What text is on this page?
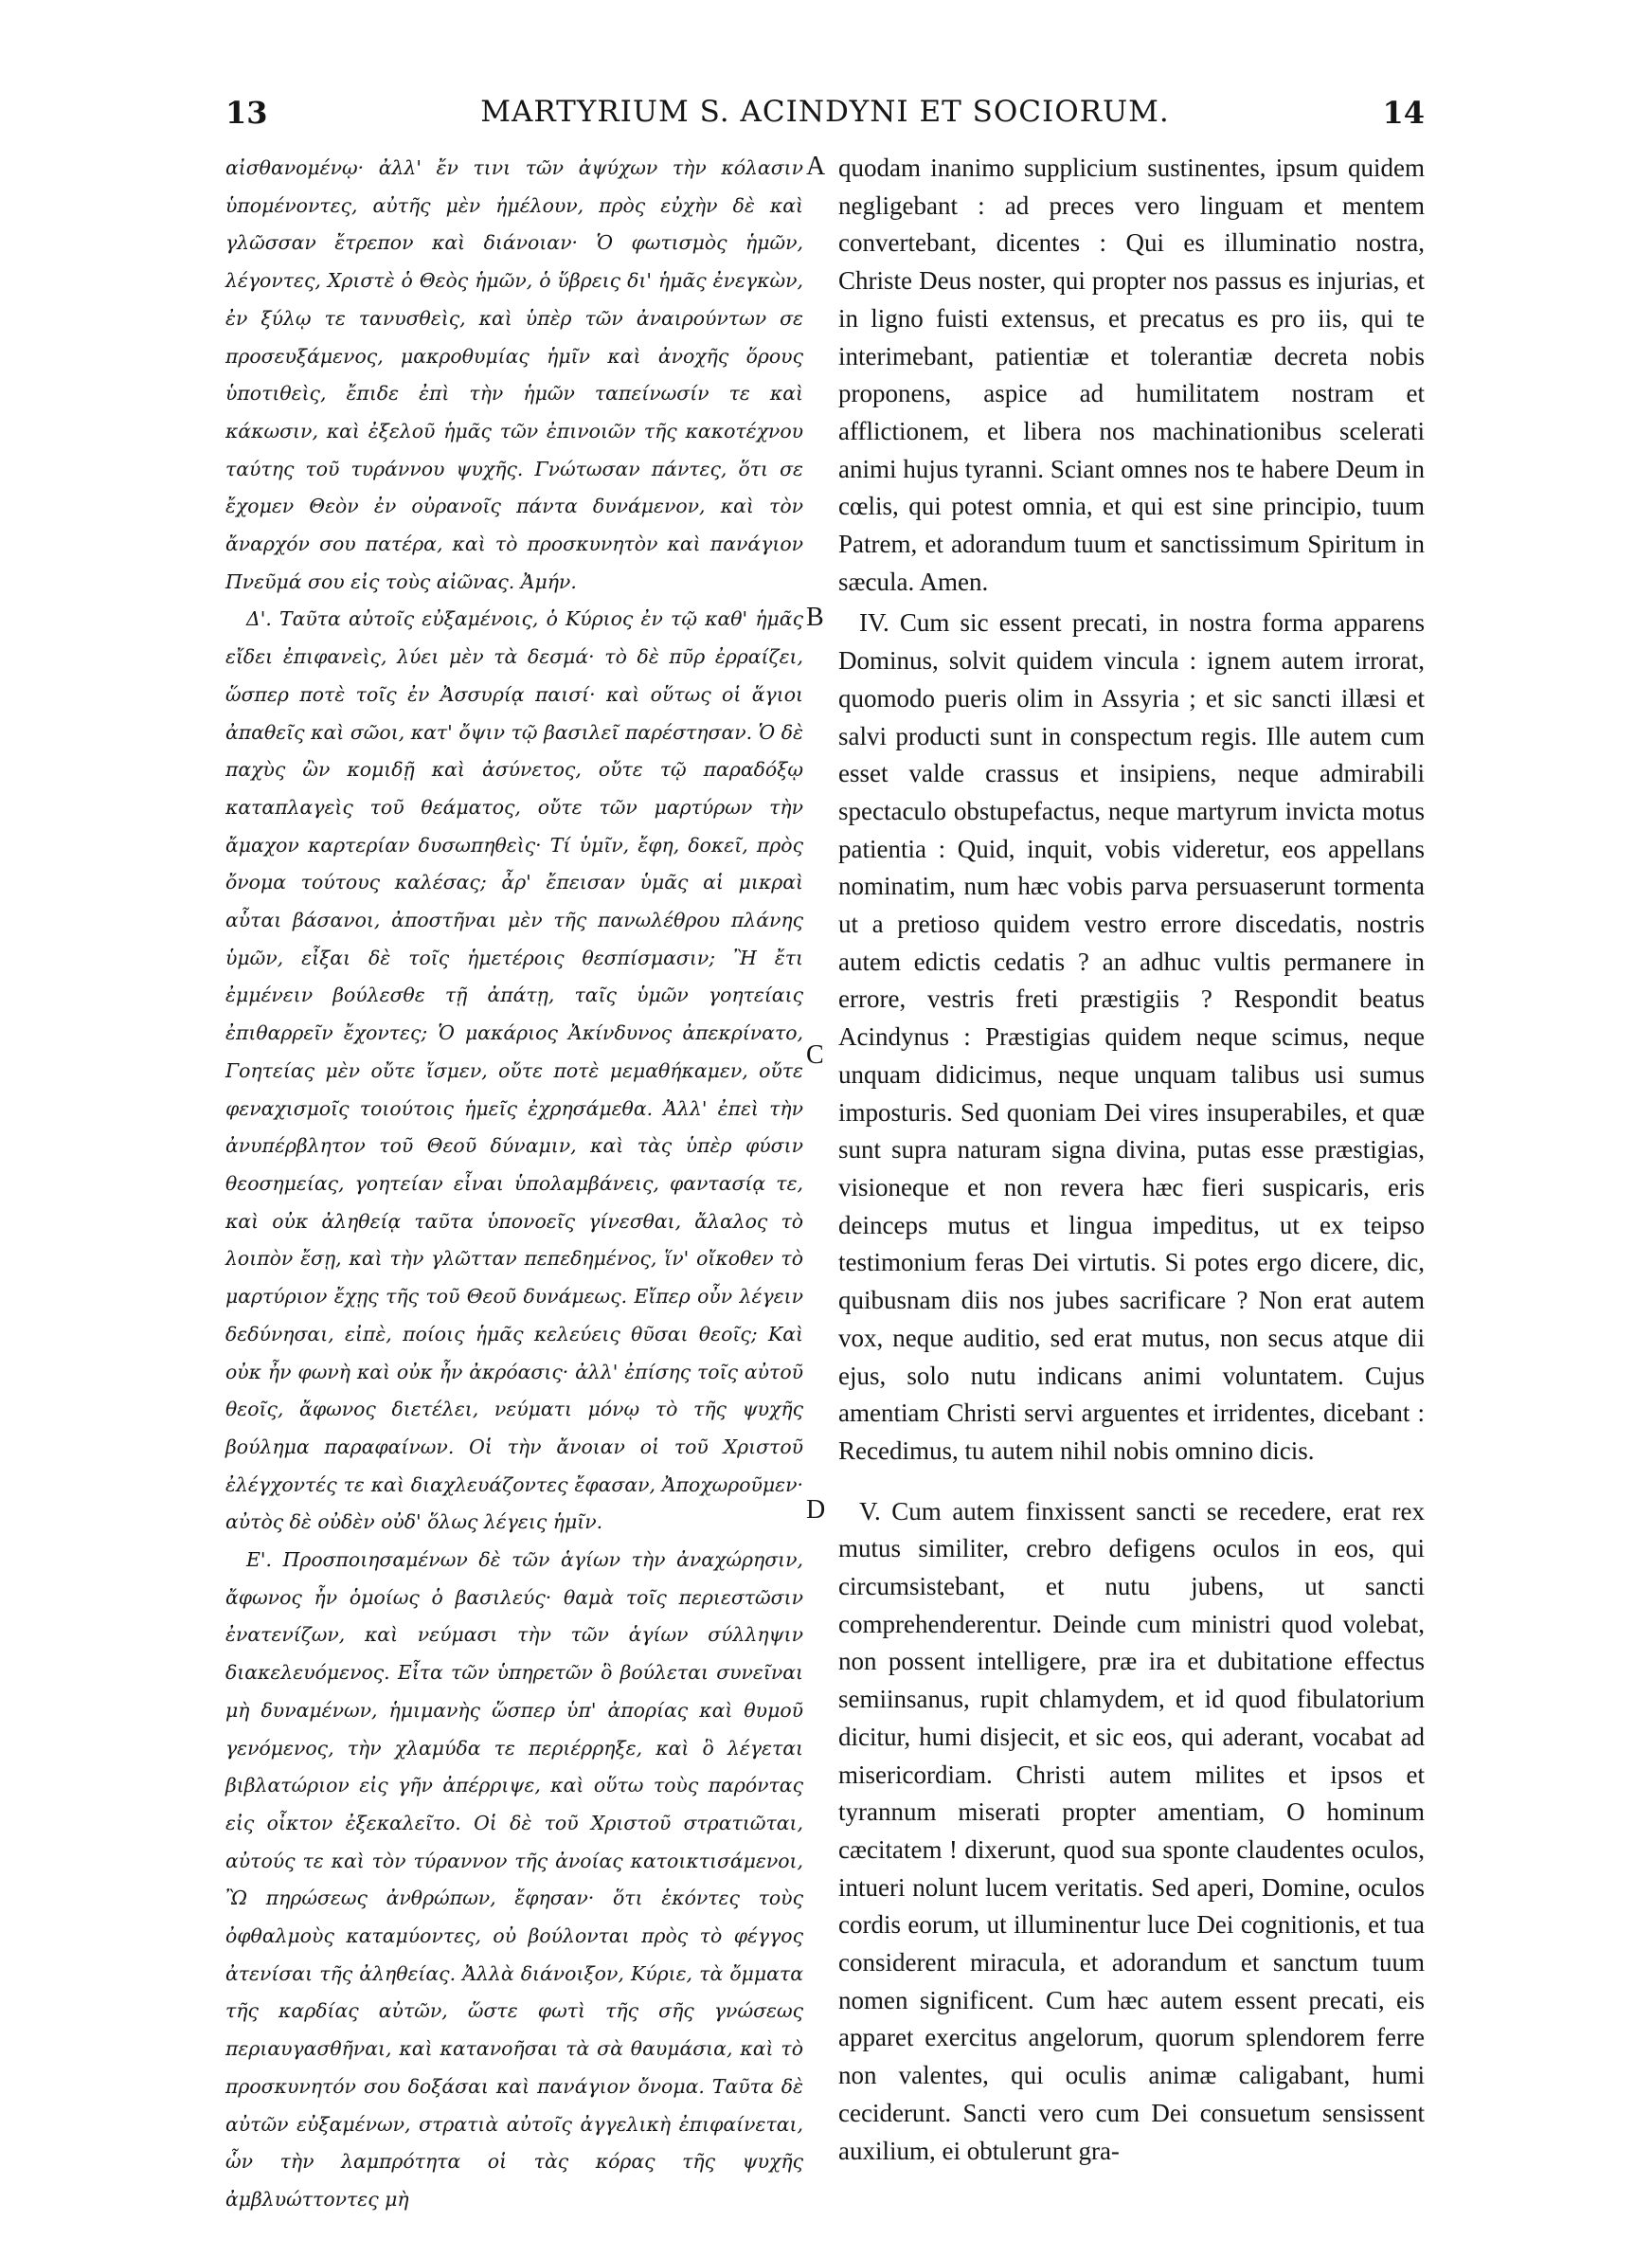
13	MARTYRIUM S. ACINDYNI ET SOCIORUM.	14
A
B
C
D

αἰσθανομένῳ· ἀλλ' ἔν τινι τῶν ἀψύχων τὴν κόλασιν ὑπομένοντες, αὐτῆς μὲν ἠμέλουν, πρὸς εὐχὴν δὲ καὶ γλῶσσαν ἔτρεπον καὶ διάνοιαν· Ὁ φωτισμὸς ἡμῶν, λέγοντες, Χριστὲ ὁ Θεὸς ἡμῶν, ὁ ὕβρεις δι' ἡμᾶς ἐνεγκὼν, ἐν ξύλῳ τε τανυσθεὶς, καὶ ὑπὲρ τῶν ἀναιρούντων σε προσευξάμενος, μακροθυμίας ἡμῖν καὶ ἀνοχῆς ὅρους ὑποτιθεὶς, ἔπιδε ἐπὶ τὴν ἡμῶν ταπείνωσίν τε καὶ κάκωσιν, καὶ ἐξελοῦ ἡμᾶς τῶν ἐπινοιῶν τῆς κακοτέχνου ταύτης τοῦ τυράννου ψυχῆς. Γνώτωσαν πάντες, ὅτι σε ἔχομεν Θεὸν ἐν οὐρανοῖς πάντα δυνάμενον, καὶ τὸν ἄναρχόν σου πατέρα, καὶ τὸ προσκυνητὸν καὶ πανάγιον Πνεῦμά σου εἰς τοὺς αἰῶνας. Ἀμήν.

Δ'. Ταῦτα αὐτοῖς εὐξαμένοις, ὁ Κύριος ἐν τῷ καθ' ἡμᾶς εἴδει ἐπιφανεὶς, λύει μὲν τὰ δεσμά· τὸ δὲ πῦρ ἐρραίζει, ὥσπερ ποτὲ τοῖς ἐν Ἀσσυρίᾳ παισί· καὶ οὕτως οἱ ἅγιοι ἀπαθεῖς καὶ σῶοι, κατ' ὄψιν τῷ βασιλεῖ παρέστησαν. Ὁ δὲ παχὺς ὢν κομιδῇ καὶ ἀσύνετος, οὔτε τῷ παραδόξῳ καταπλαγεὶς τοῦ θεάματος, οὔτε τῶν μαρτύρων τὴν ἄμαχον καρτερίαν δυσωπηθεὶς· Τί ὑμῖν, ἔφη, δοκεῖ, πρὸς ὄνομα τούτους καλέσας; ἆρ' ἔπεισαν ὑμᾶς αἱ μικραὶ αὗται βάσανοι, ἀποστῆναι μὲν τῆς πανωλέθρου πλάνης ὑμῶν, εἶξαι δὲ τοῖς ἡμετέροις θεσπίσμασιν; Ἢ ἔτι ἐμμένειν βούλεσθε τῇ ἀπάτῃ, ταῖς ὑμῶν γοητείαις ἐπιθαρρεῖν ἔχοντες; Ὁ μακάριος Ἀκίνδυνος ἀπεκρίνατο, Γοητείας μὲν οὔτε ἴσμεν, οὔτε ποτὲ μεμαθήκαμεν, οὔτε φεναχισμοῖς τοιούτοις ἡμεῖς ἐχρησάμεθα. Ἀλλ' ἐπεὶ τὴν ἀνυπέρβλητον τοῦ Θεοῦ δύναμιν, καὶ τὰς ὑπὲρ φύσιν θεοσημείας, γοητείαν εἶναι ὑπολαμβάνεις, φαντασίᾳ τε, καὶ οὐκ ἀληθείᾳ ταῦτα ὑπονοεῖς γίνεσθαι, ἄλαλος τὸ λοιπὸν ἔσῃ, καὶ τὴν γλῶτταν πεπεδημένος, ἵν' οἴκοθεν τὸ μαρτύριον ἔχῃς τῆς τοῦ Θεοῦ δυνάμεως. Εἴπερ οὖν λέγειν δεδύνησαι, εἰπὲ, ποίοις ἡμᾶς κελεύεις θῦσαι θεοῖς; Καὶ οὐκ ἦν φωνὴ καὶ οὐκ ἦν ἀκρόασις· ἀλλ' ἐπίσης τοῖς αὐτοῦ θεοῖς, ἄφωνος διετέλει, νεύματι μόνῳ τὸ τῆς ψυχῆς βούλημα παραφαίνων. Οἱ τὴν ἄνοιαν οἱ τοῦ Χριστοῦ ἐλέγχοντές τε καὶ διαχλευάζοντες ἔφασαν, Ἀποχωροῦμεν· αὐτὸς δὲ οὐδὲν οὐδ' ὅλως λέγεις ἡμῖν.

Ε'. Προσποιησαμένων δὲ τῶν ἁγίων τὴν ἀναχώρησιν, ἄφωνος ἦν ὁμοίως ὁ βασιλεύς· θαμὰ τοῖς περιεστῶσιν ἐνατενίζων, καὶ νεύμασι τὴν τῶν ἁγίων σύλληψιν διακελευόμενος. Εἶτα τῶν ὑπηρετῶν ὃ βούλεται συνεῖναι μὴ δυναμένων, ἡμιμανὴς ὥσπερ ὑπ' ἀπορίας καὶ θυμοῦ γενόμενος, τὴν χλαμύδα τε περιέρρηξε, καὶ ὃ λέγεται βιβλατώριον εἰς γῆν ἀπέρριψε, καὶ οὕτω τοὺς παρόντας εἰς οἶκτον ἐξεκαλεῖτο. Οἱ δὲ τοῦ Χριστοῦ στρατιῶται, αὐτούς τε καὶ τὸν τύραννον τῆς ἀνοίας κατοικτισάμενοι, Ὢ πηρώσεως ἀνθρώπων, ἔφησαν· ὅτι ἑκόντες τοὺς ὀφθαλμοὺς καταμύοντες, οὐ βούλονται πρὸς τὸ φέγγος ἀτενίσαι τῆς ἀληθείας. Ἀλλὰ διάνοιξον, Κύριε, τὰ ὄμματα τῆς καρδίας αὐτῶν, ὥστε φωτὶ τῆς σῆς γνώσεως περιαυγασθῆναι, καὶ κατανοῆσαι τὰ σὰ θαυμάσια, καὶ τὸ προσκυνητόν σου δοξάσαι καὶ πανάγιον ὄνομα. Ταῦτα δὲ αὐτῶν εὐξαμένων, στρατιὰ αὐτοῖς ἀγγελικὴ ἐπιφαίνεται, ὧν τὴν λαμπρότητα οἱ τὰς κόρας τῆς ψυχῆς ἀμβλυώττοντες μὴ

quodam inanimo supplicium sustinentes, ipsum quidem negligebant : ad preces vero linguam et mentem convertebant, dicentes : Qui es illuminatio nostra, Christe Deus noster, qui propter nos passus es injurias, et in ligno fuisti extensus, et precatus es pro iis, qui te interimebant, patientiæ et tolerantiæ decreta nobis proponens, aspice ad humilitatem nostram et afflictionem, et libera nos machinationibus scelerati animi hujus tyranni. Sciant omnes nos te habere Deum in cœlis, qui potest omnia, et qui est sine principio, tuum Patrem, et adorandum tuum et sanctissimum Spiritum in sæcula. Amen.

IV. Cum sic essent precati, in nostra forma apparens Dominus, solvit quidem vincula : ignem autem irrorat, quomodo pueris olim in Assyria ; et sic sancti illæsi et salvi producti sunt in conspectum regis. Ille autem cum esset valde crassus et insipiens, neque admirabili spectaculo obstupefactus, neque martyrum invicta motus patientia : Quid, inquit, vobis videretur, eos appellans nominatim, num hæc vobis parva persuaserunt tormenta ut a pretioso quidem vestro errore discedatis, nostris autem edictis cedatis ? an adhuc vultis permanere in errore, vestris freti præstigiis ? Respondit beatus Acindynus : Præstigias quidem neque scimus, neque unquam didicimus, neque unquam talibus usi sumus imposturis. Sed quoniam Dei vires insuperabiles, et quæ sunt supra naturam signa divina, putas esse præstigias, visioneque et non revera hæc fieri suspicaris, eris deinceps mutus et lingua impeditus, ut ex teipso testimonium feras Dei virtutis. Si potes ergo dicere, dic, quibusnam diis nos jubes sacrificare ? Non erat autem vox, neque auditio, sed erat mutus, non secus atque dii ejus, solo nutu indicans animi voluntatem. Cujus amentiam Christi servi arguentes et irridentes, dicebant : Recedimus, tu autem nihil nobis omnino dicis.

V. Cum autem finxissent sancti se recedere, erat rex mutus similiter, crebro defigens oculos in eos, qui circumsistebant, et nutu jubens, ut sancti comprehenderentur. Deinde cum ministri quod volebat, non possent intelligere, præ ira et dubitatione effectus semiinsanus, rupit chlamydem, et id quod fibulatorium dicitur, humi disjecit, et sic eos, qui aderant, vocabat ad misericordiam. Christi autem milites et ipsos et tyrannum miserati propter amentiam, O hominum cæcitatem ! dixerunt, quod sua sponte claudentes oculos, intueri nolunt lucem veritatis. Sed aperi, Domine, oculos cordis eorum, ut illuminentur luce Dei cognitionis, et tua considerent miracula, et adorandum et sanctum tuum nomen significent. Cum hæc autem essent precati, eis apparet exercitus angelorum, quorum splendorem ferre non valentes, qui oculis animæ caligabant, humi ceciderunt. Sancti vero cum Dei consuetum sensissent auxilium, ei obtulerunt gra-
